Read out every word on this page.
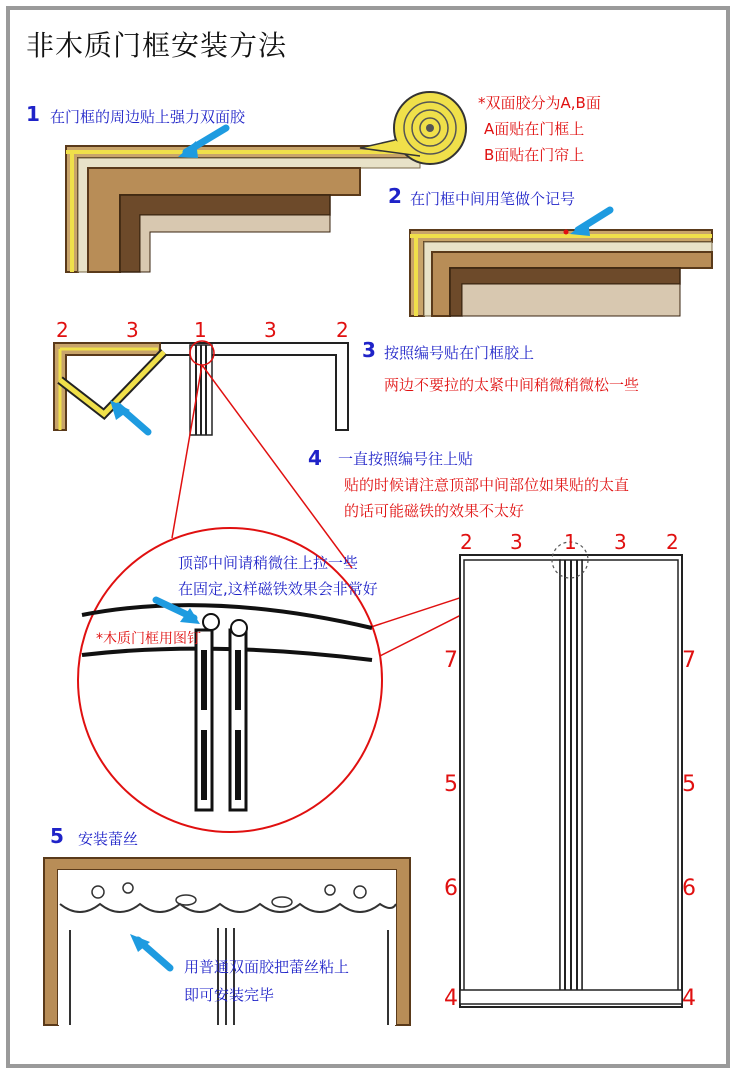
非木质门框安装方法
1 在门框的周边贴上强力双面胶
*双面胶分为A,B面
A面贴在门框上
B面贴在门帘上
2 在门框中间用笔做个记号
2	3	1	3	2
3 按照编号贴在门框胶上
两边不要拉的太紧中间稍微稍微松一些
4 一直按照编号往上贴
贴的时候请注意顶部中间部位如果贴的太直
的话可能磁铁的效果不太好
2 3 1 3 2
7
5
6
4
7
5
6
4
顶部中间请稍微往上拉一些
在固定,这样磁铁效果会非常好
*木质门框用图钉
5 安装蕾丝
用普通双面胶把蕾丝粘上
即可安装完毕
